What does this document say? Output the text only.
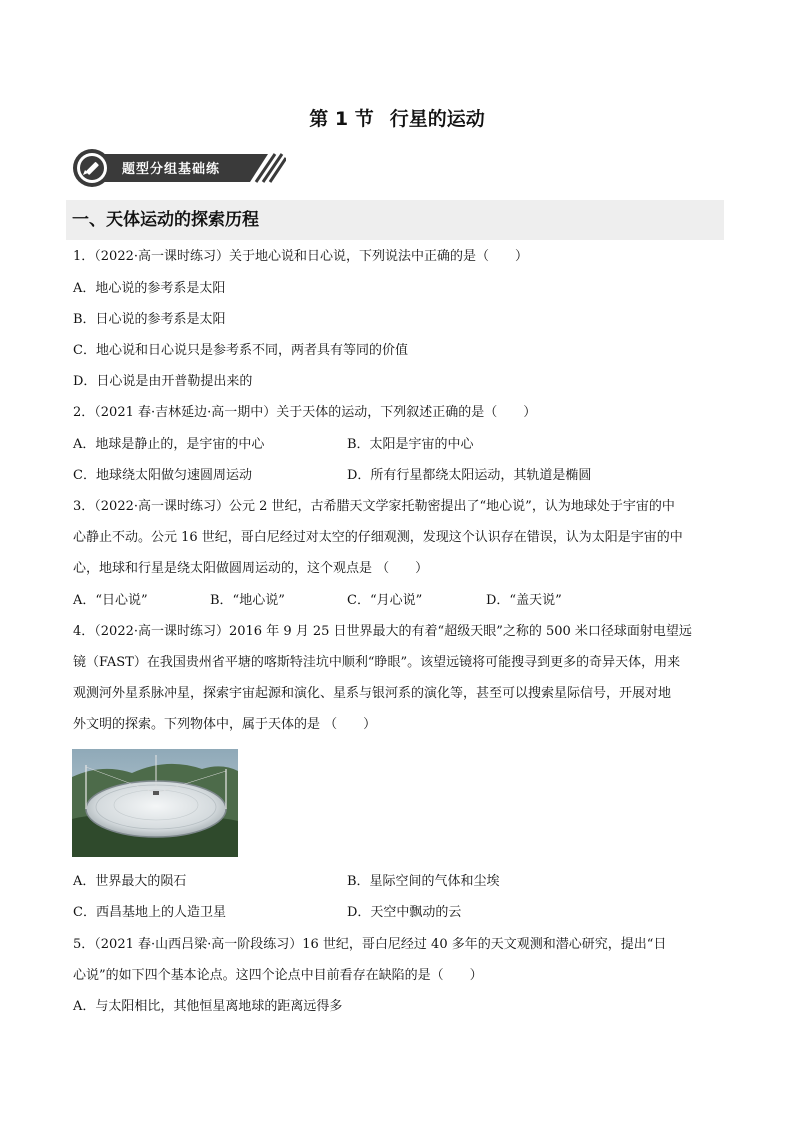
第 1 节 行星的运动
题型分组基础练
一、天体运动的探索历程
1．（2022·高一课时练习）关于地心说和日心说，下列说法中正确的是（　　）
A．地心说的参考系是太阳
B．日心说的参考系是太阳
C．地心说和日心说只是参考系不同，两者具有等同的价值
D．日心说是由开普勒提出来的
2．（2021 春·吉林延边·高一期中）关于天体的运动，下列叙述正确的是（　　）
A．地球是静止的，是宇宙的中心	B．太阳是宇宙的中心
C．地球绕太阳做匀速圆周运动	D．所有行星都绕太阳运动，其轨道是椭圆
3．（2022·高一课时练习）公元 2 世纪，古希腊天文学家托勒密提出了“地心说”，认为地球处于宇宙的中
心静止不动。公元 16 世纪，哥白尼经过对太空的仔细观测，发现这个认识存在错误，认为太阳是宇宙的中
心，地球和行星是绕太阳做圆周运动的，这个观点是 （　　）
A．“日心说”	B．“地心说”	C．“月心说”	D．“盖天说”
4．（2022·高一课时练习）2016 年 9 月 25 日世界最大的有着“超级天眼”之称的 500 米口径球面射电望远
镜（FAST）在我国贵州省平塘的喀斯特洼坑中顺利“睁眼”。该望远镜将可能搜寻到更多的奇异天体，用来
观测河外星系脉冲星，探索宇宙起源和演化、星系与银河系的演化等，甚至可以搜索星际信号，开展对地
外文明的探索。下列物体中，属于天体的是 （　　）
A．世界最大的陨石	B．星际空间的气体和尘埃
C．西昌基地上的人造卫星	D．天空中飘动的云
5．（2021 春·山西吕梁·高一阶段练习）16 世纪，哥白尼经过 40 多年的天文观测和潜心研究，提出“日
心说”的如下四个基本论点。这四个论点中目前看存在缺陷的是（　　）
A．与太阳相比，其他恒星离地球的距离远得多
